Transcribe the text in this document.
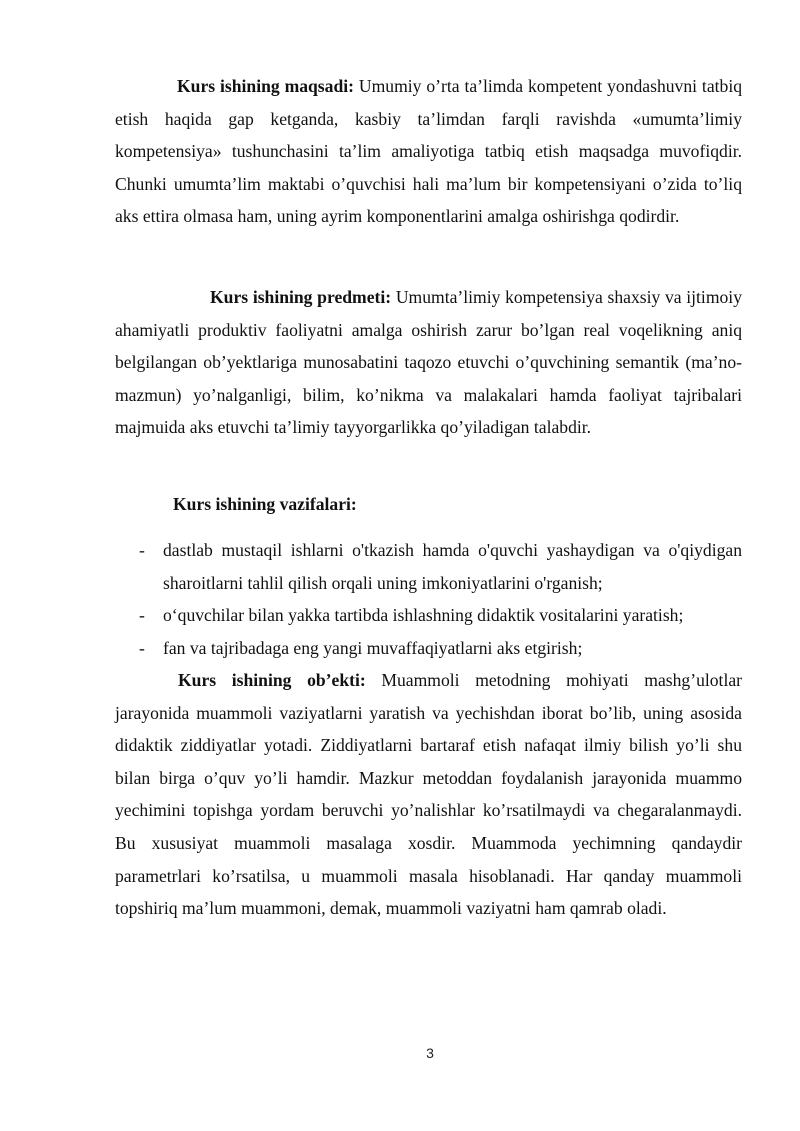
Kurs ishining maqsadi: Umumiy o’rta ta’limda kompetent yondashuvni tatbiq etish haqida gap ketganda, kasbiy ta’limdan farqli ravishda «umumta’limiy kompetensiya» tushunchasini ta’lim amaliyotiga tatbiq etish maqsadga muvofiqdir. Chunki umumta’lim maktabi o’quvchisi hali ma’lum bir kompetensiyani o’zida to’liq aks ettira olmasa ham, uning ayrim komponentlarini amalga oshirishga qodirdir.

Kurs ishining predmeti: Umumta’limiy kompetensiya shaxsiy va ijtimoiy ahamiyatli produktiv faoliyatni amalga oshirish zarur bo’lgan real voqelikning aniq belgilangan ob’yektlariga munosabatini taqozo etuvchi o’quvchining semantik (ma’no-mazmun) yo’nalganligi, bilim, ko’nikma va malakalari hamda faoliyat tajribalari majmuida aks etuvchi ta’limiy tayyorgarlikka qo’yiladigan talabdir.

Kurs ishining vazifalari:

- dastlab mustaqil ishlarni o'tkazish hamda o'quvchi yashaydigan va o'qiydigan sharoitlarni tahlil qilish orqali uning imkoniyatlarini o'rganish;
- o‘quvchilar bilan yakka tartibda ishlashning didaktik vositalarini yaratish;
- fan va tajribadaga eng yangi muvaffaqiyatlarni aks etgirish;

Kurs ishining ob’ekti: Muammoli metodning mohiyati mashg’ulotlar jarayonida muammoli vaziyatlarni yaratish va yechishdan iborat bo’lib, uning asosida didaktik ziddiyatlar yotadi. Ziddiyatlarni bartaraf etish nafaqat ilmiy bilish yo’li shu bilan birga o’quv yo’li hamdir. Mazkur metoddan foydalanish jarayonida muammo yechimini topishga yordam beruvchi yo’nalishlar ko’rsatilmaydi va chegaralanmaydi. Bu xususiyat muammoli masalaga xosdir. Muammoda yechimning qandaydir parametrlari ko’rsatilsa, u muammoli masala hisoblanadi. Har qanday muammoli topshiriq ma’lum muammoni, demak, muammoli vaziyatni ham qamrab oladi.

3
